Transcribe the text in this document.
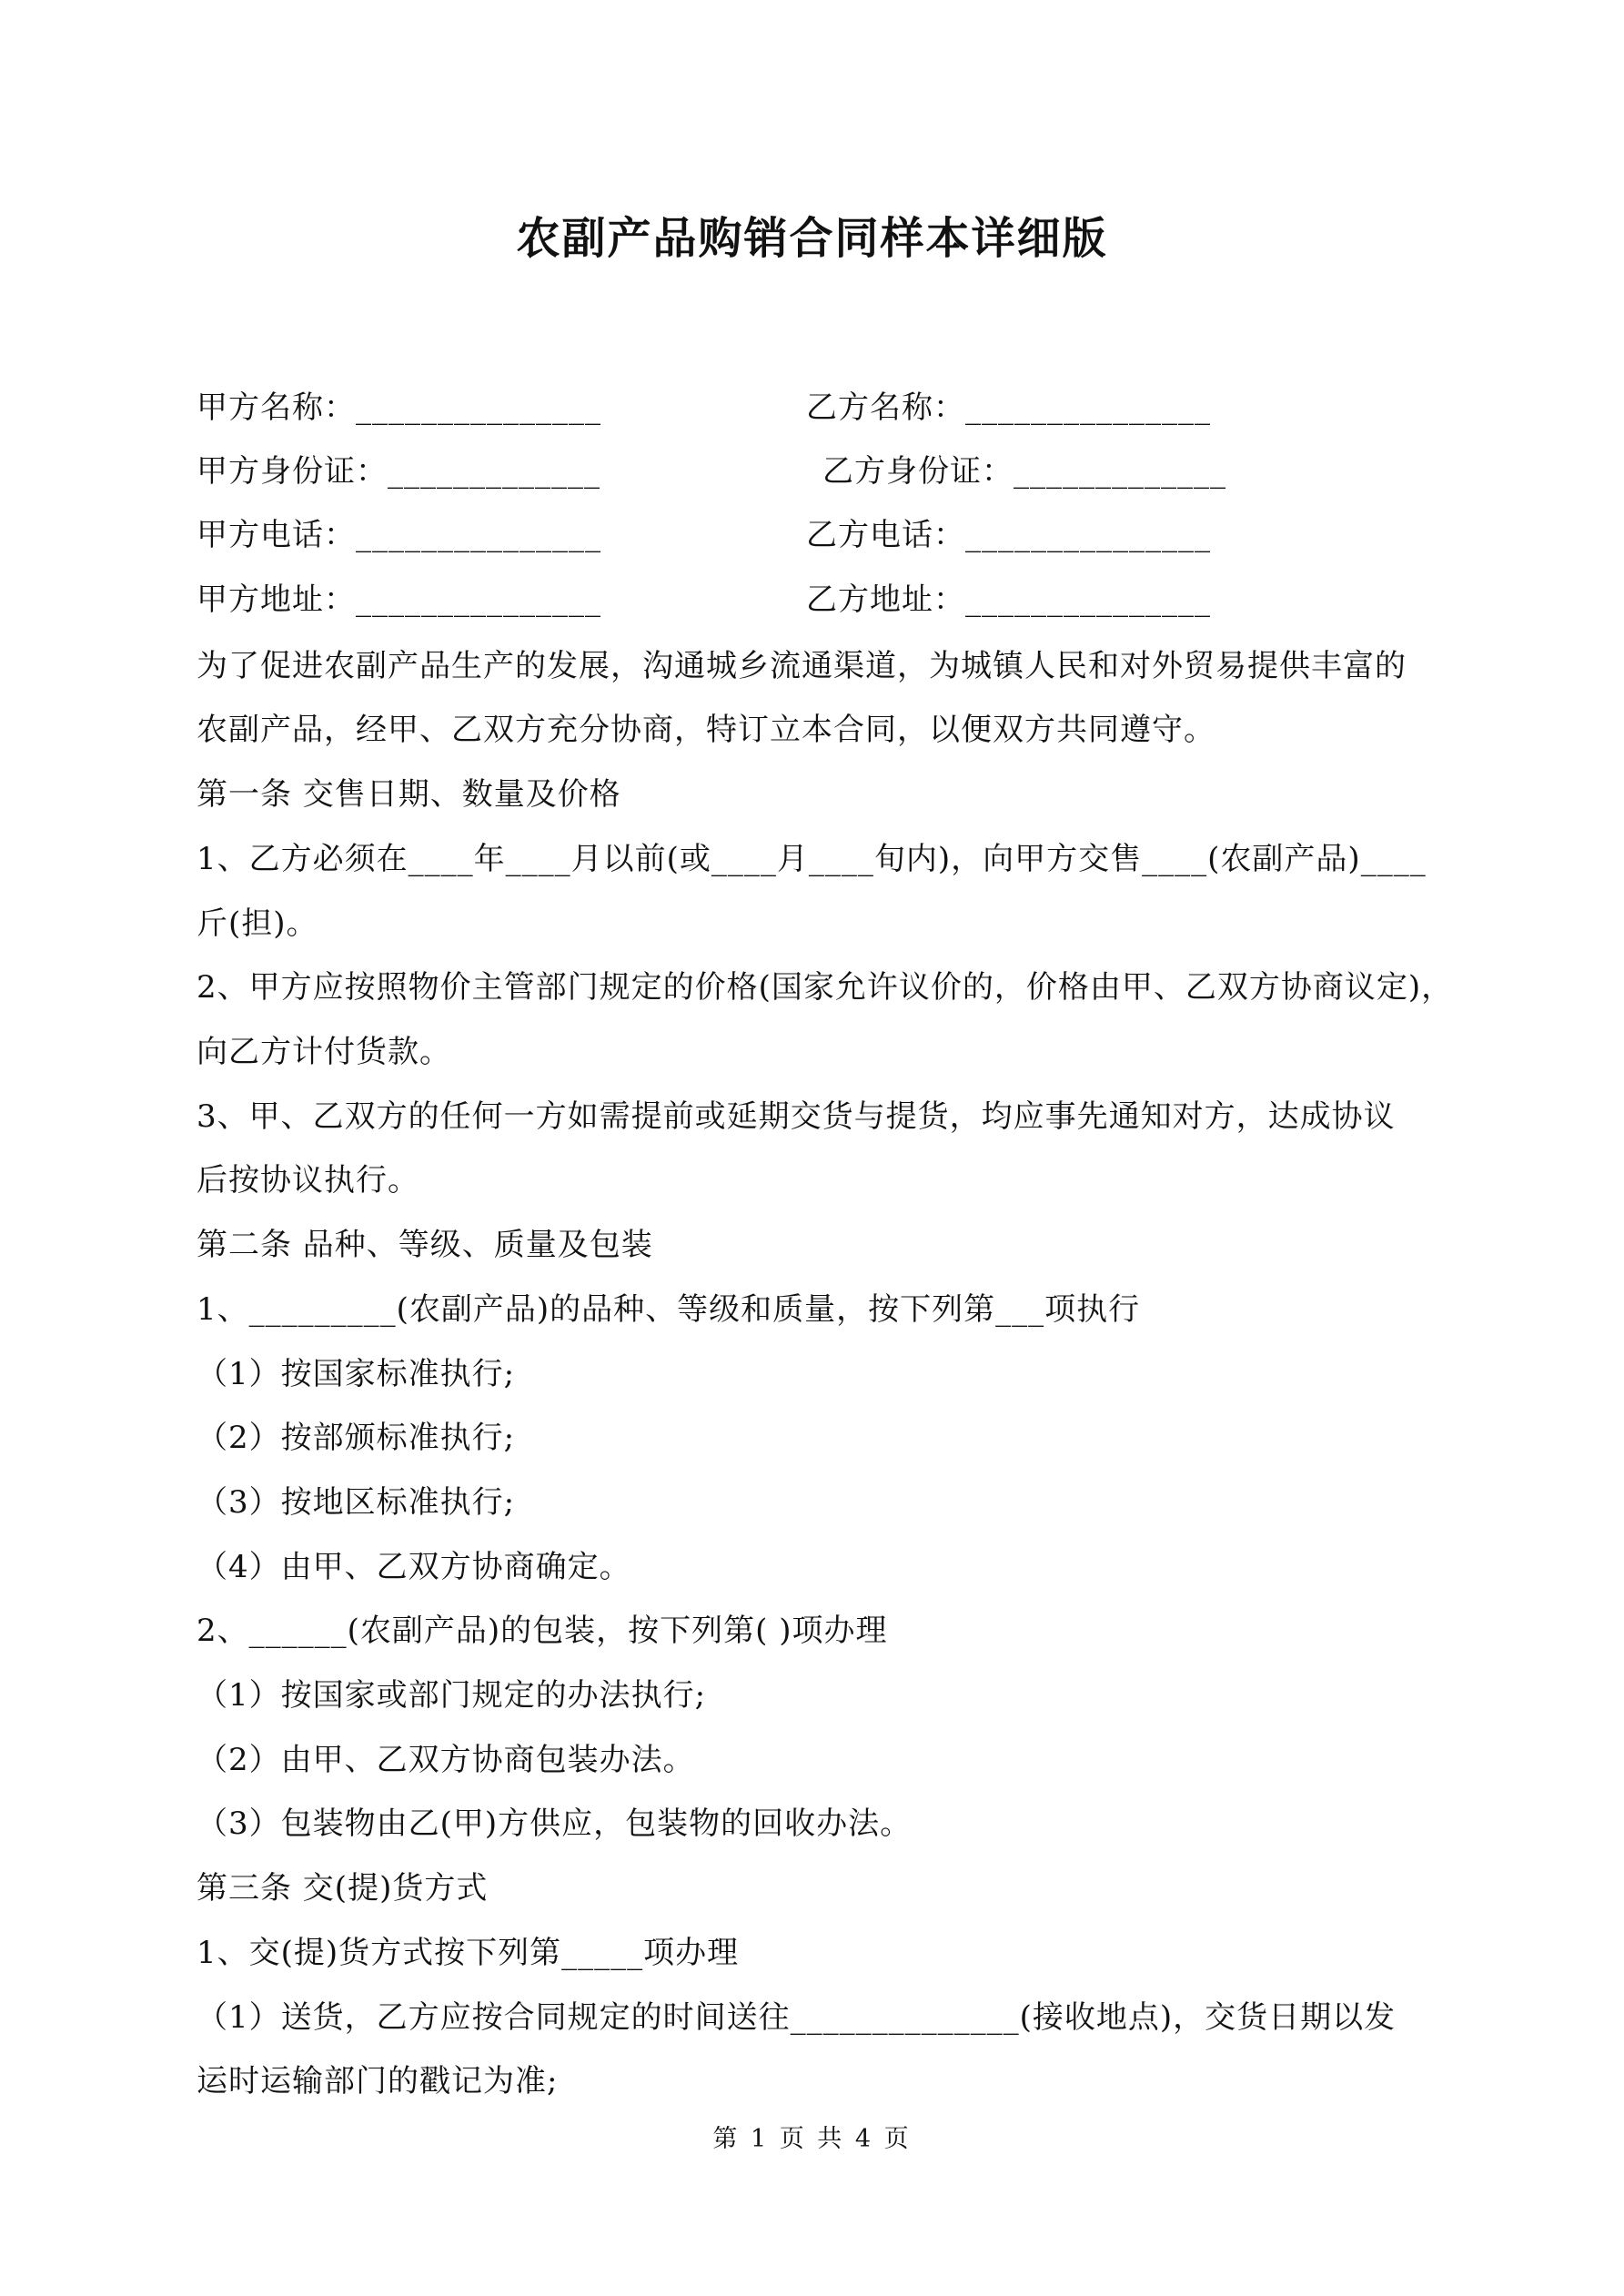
农副产品购销合同样本详细版
甲方名称：_______________	乙方名称：_______________
甲方身份证：_____________	乙方身份证：_____________
甲方电话：_______________	乙方电话：_______________
甲方地址：_______________	乙方地址：_______________
为了促进农副产品生产的发展，沟通城乡流通渠道，为城镇人民和对外贸易提供丰富的
农副产品，经甲、乙双方充分协商，特订立本合同，以便双方共同遵守。
第一条 交售日期、数量及价格
1、乙方必须在____年____月以前(或____月____旬内)，向甲方交售____(农副产品)____
斤(担)。
2、甲方应按照物价主管部门规定的价格(国家允许议价的，价格由甲、乙双方协商议定)，
向乙方计付货款。
3、甲、乙双方的任何一方如需提前或延期交货与提货，均应事先通知对方，达成协议
后按协议执行。
第二条 品种、等级、质量及包装
1、_________(农副产品)的品种、等级和质量，按下列第___项执行
（1）按国家标准执行;
（2）按部颁标准执行;
（3）按地区标准执行;
（4）由甲、乙双方协商确定。
2、______(农副产品)的包装，按下列第( )项办理
（1）按国家或部门规定的办法执行;
（2）由甲、乙双方协商包装办法。
（3）包装物由乙(甲)方供应，包装物的回收办法。
第三条 交(提)货方式
1、交(提)货方式按下列第_____项办理
（1）送货，乙方应按合同规定的时间送往______________(接收地点)，交货日期以发
运时运输部门的戳记为准;
第 1 页 共 4 页
